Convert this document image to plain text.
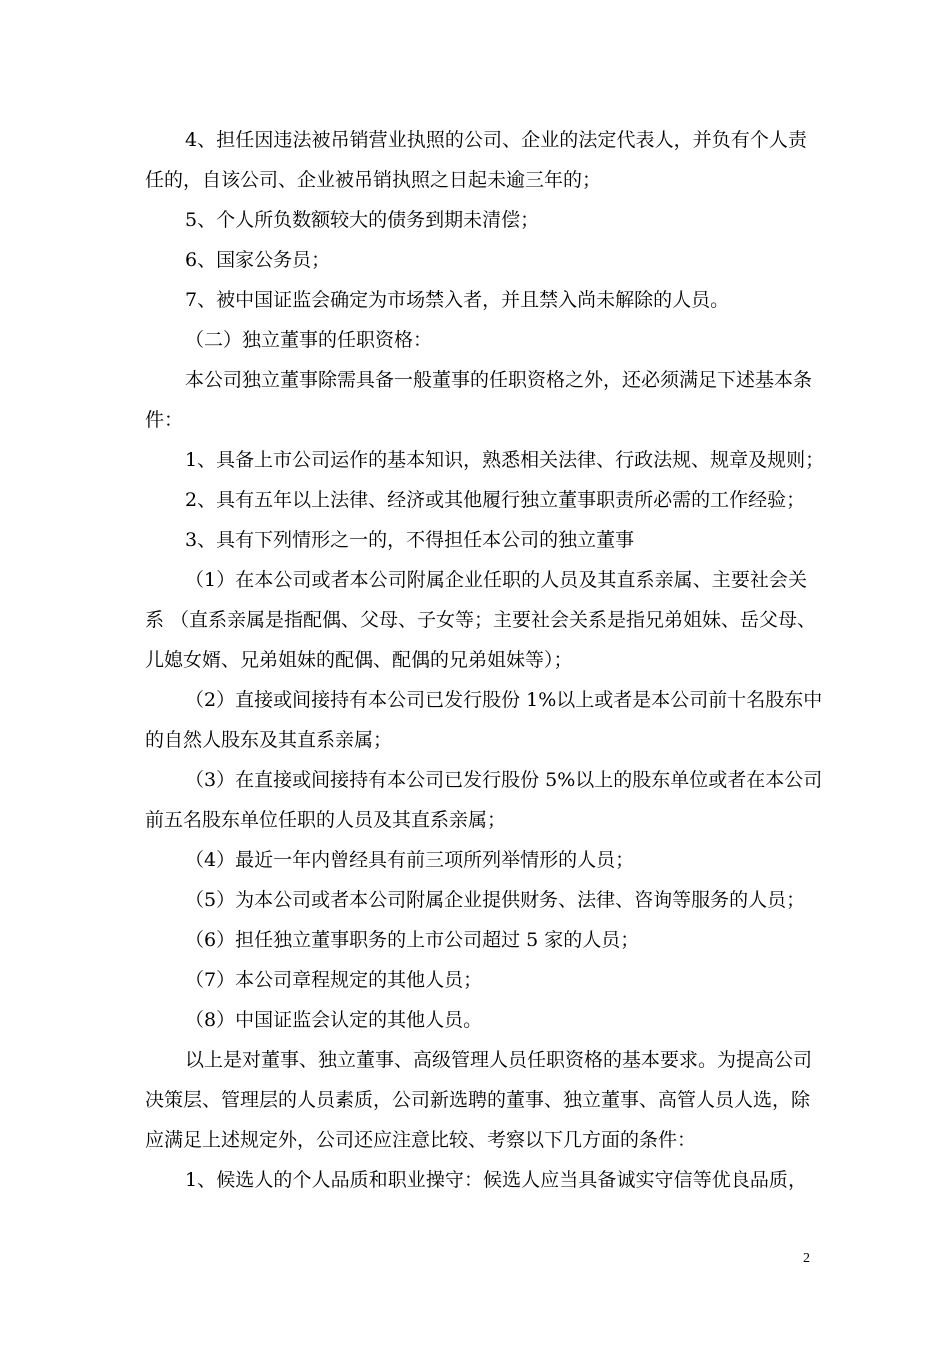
4、担任因违法被吊销营业执照的公司、企业的法定代表人，并负有个人责
任的，自该公司、企业被吊销执照之日起未逾三年的；
5、个人所负数额较大的债务到期未清偿；
6、国家公务员；
7、被中国证监会确定为市场禁入者，并且禁入尚未解除的人员。
（二）独立董事的任职资格：
本公司独立董事除需具备一般董事的任职资格之外，还必须满足下述基本条
件：
1、具备上市公司运作的基本知识，熟悉相关法律、行政法规、规章及规则；
2、具有五年以上法律、经济或其他履行独立董事职责所必需的工作经验；
3、具有下列情形之一的，不得担任本公司的独立董事
（1）在本公司或者本公司附属企业任职的人员及其直系亲属、主要社会关
系 （直系亲属是指配偶、父母、子女等；主要社会关系是指兄弟姐妹、岳父母、
儿媳女婿、兄弟姐妹的配偶、配偶的兄弟姐妹等）；
（2）直接或间接持有本公司已发行股份 1%以上或者是本公司前十名股东中
的自然人股东及其直系亲属；
（3）在直接或间接持有本公司已发行股份 5%以上的股东单位或者在本公司
前五名股东单位任职的人员及其直系亲属；
（4）最近一年内曾经具有前三项所列举情形的人员；
（5）为本公司或者本公司附属企业提供财务、法律、咨询等服务的人员；
（6）担任独立董事职务的上市公司超过 5 家的人员；
（7）本公司章程规定的其他人员；
（8）中国证监会认定的其他人员。
以上是对董事、独立董事、高级管理人员任职资格的基本要求。为提高公司
决策层、管理层的人员素质，公司新选聘的董事、独立董事、高管人员人选，除
应满足上述规定外，公司还应注意比较、考察以下几方面的条件：
1、候选人的个人品质和职业操守：候选人应当具备诚实守信等优良品质，
2
